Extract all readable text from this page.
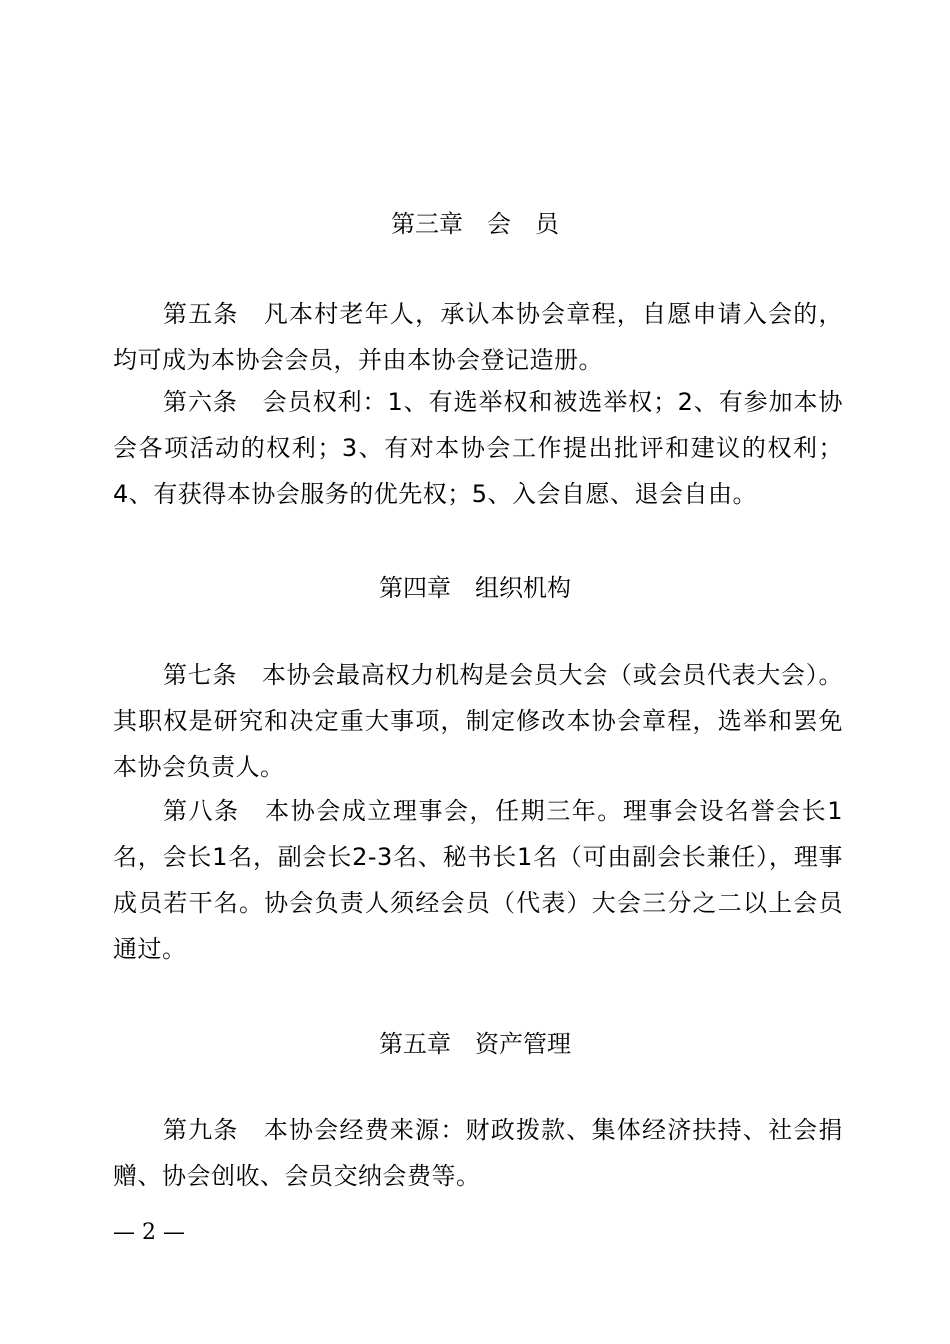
第三章　会　员
第五条　凡本村老年人，承认本协会章程，自愿申请入会的，均可成为本协会会员，并由本协会登记造册。
第六条　会员权利：1、有选举权和被选举权；2、有参加本协会各项活动的权利；3、有对本协会工作提出批评和建议的权利；4、有获得本协会服务的优先权；5、入会自愿、退会自由。
第四章　组织机构
第七条　本协会最高权力机构是会员大会（或会员代表大会）。其职权是研究和决定重大事项，制定修改本协会章程，选举和罢免本协会负责人。
第八条　本协会成立理事会，任期三年。理事会设名誉会长1名，会长1名，副会长2-3名、秘书长1名（可由副会长兼任），理事成员若干名。协会负责人须经会员（代表）大会三分之二以上会员通过。
第五章　资产管理
第九条　本协会经费来源：财政拨款、集体经济扶持、社会捐赠、协会创收、会员交纳会费等。
— 2 —
